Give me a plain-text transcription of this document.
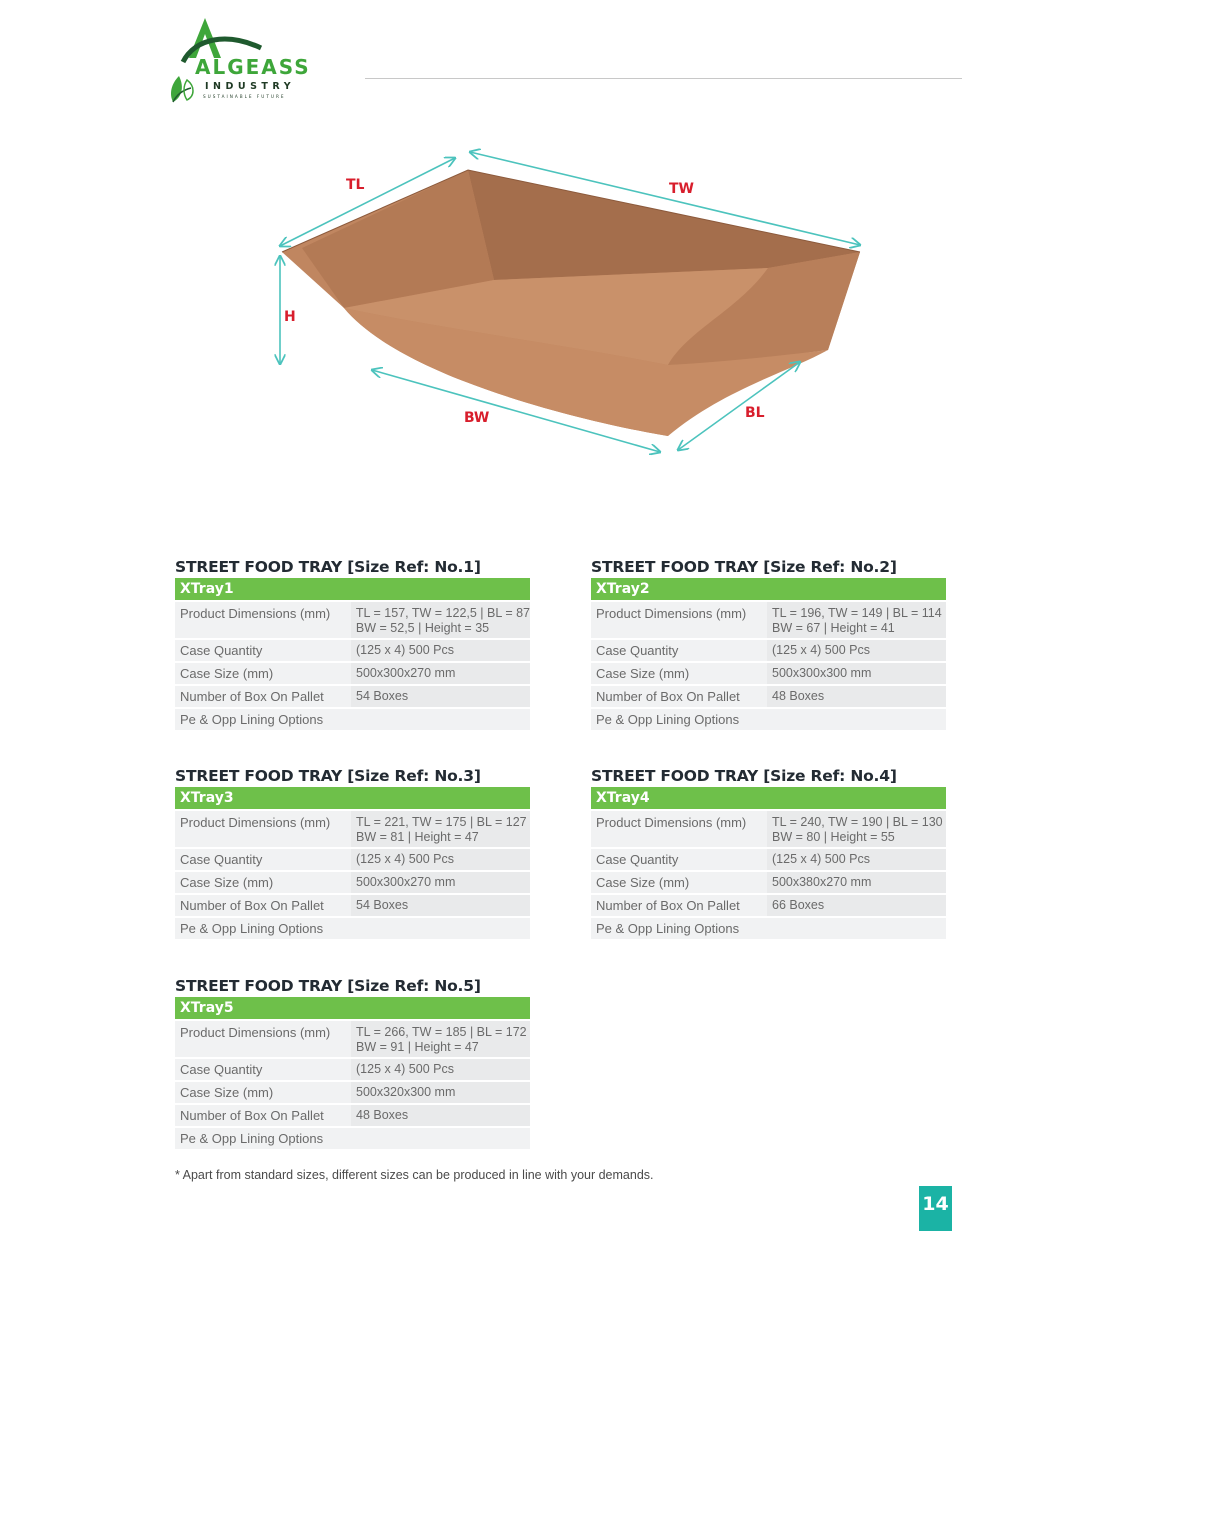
ALGEASS
INDUSTRY
SUSTAINABLE FUTURE
TL	TW
H
BW	BL
STREET FOOD TRAY [Size Ref: No.1]
XTray1
Product Dimensions (mm)	TL = 157, TW = 122,5 | BL = 87
BW = 52,5 | Height = 35
Case Quantity	(125 x 4) 500 Pcs
Case Size (mm)	500x300x270 mm
Number of Box On Pallet	54 Boxes
Pe & Opp Lining Options
STREET FOOD TRAY [Size Ref: No.2]
XTray2
Product Dimensions (mm)	TL = 196, TW = 149 | BL = 114
BW = 67 | Height = 41
Case Quantity	(125 x 4) 500 Pcs
Case Size (mm)	500x300x300 mm
Number of Box On Pallet	48 Boxes
Pe & Opp Lining Options
STREET FOOD TRAY [Size Ref: No.3]
XTray3
Product Dimensions (mm)	TL = 221, TW = 175 | BL = 127
BW = 81 | Height = 47
Case Quantity	(125 x 4) 500 Pcs
Case Size (mm)	500x300x270 mm
Number of Box On Pallet	54 Boxes
Pe & Opp Lining Options
STREET FOOD TRAY [Size Ref: No.4]
XTray4
Product Dimensions (mm)	TL = 240, TW = 190 | BL = 130
BW = 80 | Height = 55
Case Quantity	(125 x 4) 500 Pcs
Case Size (mm)	500x380x270 mm
Number of Box On Pallet	66 Boxes
Pe & Opp Lining Options
STREET FOOD TRAY [Size Ref: No.5]
XTray5
Product Dimensions (mm)	TL = 266, TW = 185 | BL = 172
BW = 91 | Height = 47
Case Quantity	(125 x 4) 500 Pcs
Case Size (mm)	500x320x300 mm
Number of Box On Pallet	48 Boxes
Pe & Opp Lining Options
* Apart from standard sizes, different sizes can be produced in line with your demands.
14
